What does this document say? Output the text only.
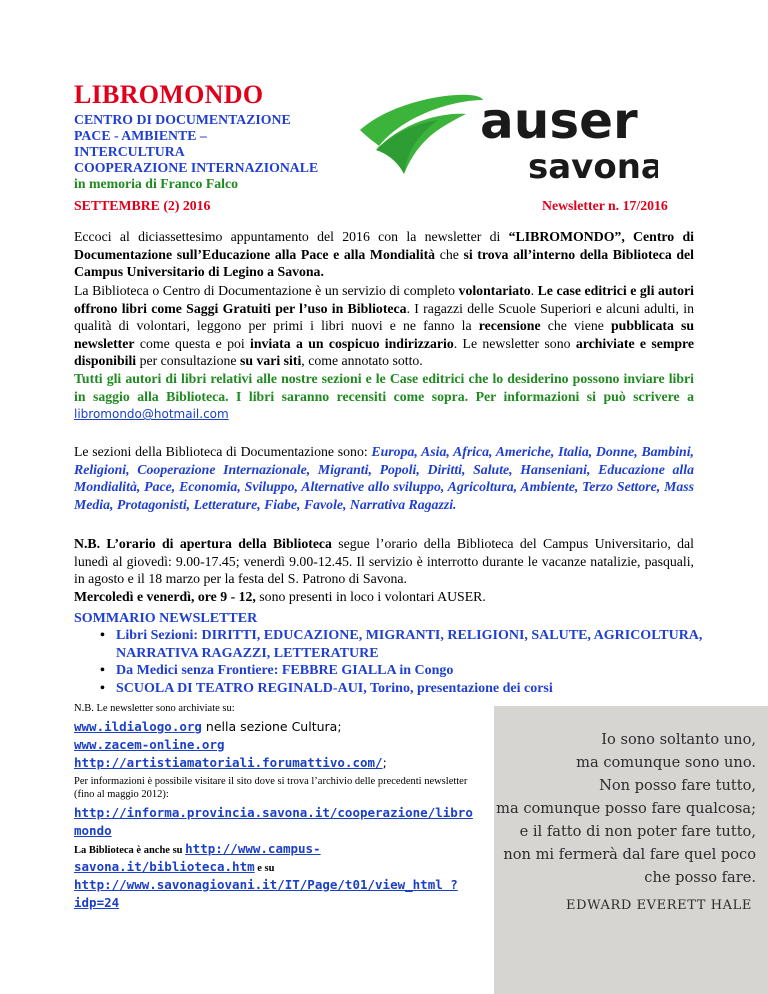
LIBROMONDO
CENTRO DI DOCUMENTAZIONE
PACE - AMBIENTE –
INTERCULTURA
COOPERAZIONE INTERNAZIONALE
in memoria di Franco Falco
auser
savona
SETTEMBRE (2) 2016	Newsletter n. 17/2016
Eccoci al diciassettesimo appuntamento del 2016 con la newsletter di “LIBROMONDO”, Centro di Documentazione sull’Educazione alla Pace e alla Mondialità che si trova all’interno della Biblioteca del Campus Universitario di Legino a Savona.
La Biblioteca o Centro di Documentazione è un servizio di completo volontariato. Le case editrici e gli autori offrono libri come Saggi Gratuiti per l’uso in Biblioteca. I ragazzi delle Scuole Superiori e alcuni adulti, in qualità di volontari, leggono per primi i libri nuovi e ne fanno la recensione che viene pubblicata su newsletter come questa e poi inviata a un cospicuo indirizzario. Le newsletter sono archiviate e sempre disponibili per consultazione su vari siti, come annotato sotto.
Tutti gli autori di libri relativi alle nostre sezioni e le Case editrici che lo desiderino possono inviare libri in saggio alla Biblioteca. I libri saranno recensiti come sopra. Per informazioni si può scrivere a libromondo@hotmail.com
Le sezioni della Biblioteca di Documentazione sono: Europa, Asia, Africa, Americhe, Italia, Donne, Bambini, Religioni, Cooperazione Internazionale, Migranti, Popoli, Diritti, Salute, Hanseniani, Educazione alla Mondialità, Pace, Economia, Sviluppo, Alternative allo sviluppo, Agricoltura, Ambiente, Terzo Settore, Mass Media, Protagonisti, Letterature, Fiabe, Favole, Narrativa Ragazzi.
N.B. L’orario di apertura della Biblioteca segue l’orario della Biblioteca del Campus Universitario, dal lunedì al giovedì: 9.00-17.45; venerdì 9.00-12.45. Il servizio è interrotto durante le vacanze natalizie, pasquali, in agosto e il 18 marzo per la festa del S. Patrono di Savona.
Mercoledì e venerdì, ore 9 - 12, sono presenti in loco i volontari AUSER.
SOMMARIO NEWSLETTER
• Libri Sezioni: DIRITTI, EDUCAZIONE, MIGRANTI, RELIGIONI, SALUTE, AGRICOLTURA, NARRATIVA RAGAZZI, LETTERATURE
• Da Medici senza Frontiere: FEBBRE GIALLA in Congo
• SCUOLA DI TEATRO REGINALD-AUI, Torino, presentazione dei corsi
N.B. Le newsletter sono archiviate su:
www.ildialogo.org nella sezione Cultura;
www.zacem-online.org
http://artistiamatoriali.forumattivo.com/;
Per informazioni è possibile visitare il sito dove si trova l’archivio delle precedenti newsletter (fino al maggio 2012):
http://informa.provincia.savona.it/cooperazione/libro mondo
La Biblioteca è anche su http://www.campus-savona.it/biblioteca.htm e su
http://www.savonagiovani.it/IT/Page/t01/view_html ?idp=24
Io sono soltanto uno,
ma comunque sono uno.
Non posso fare tutto,
ma comunque posso fare qualcosa;
e il fatto di non poter fare tutto,
non mi fermerà dal fare quel poco
che posso fare.
EDWARD EVERETT HALE
